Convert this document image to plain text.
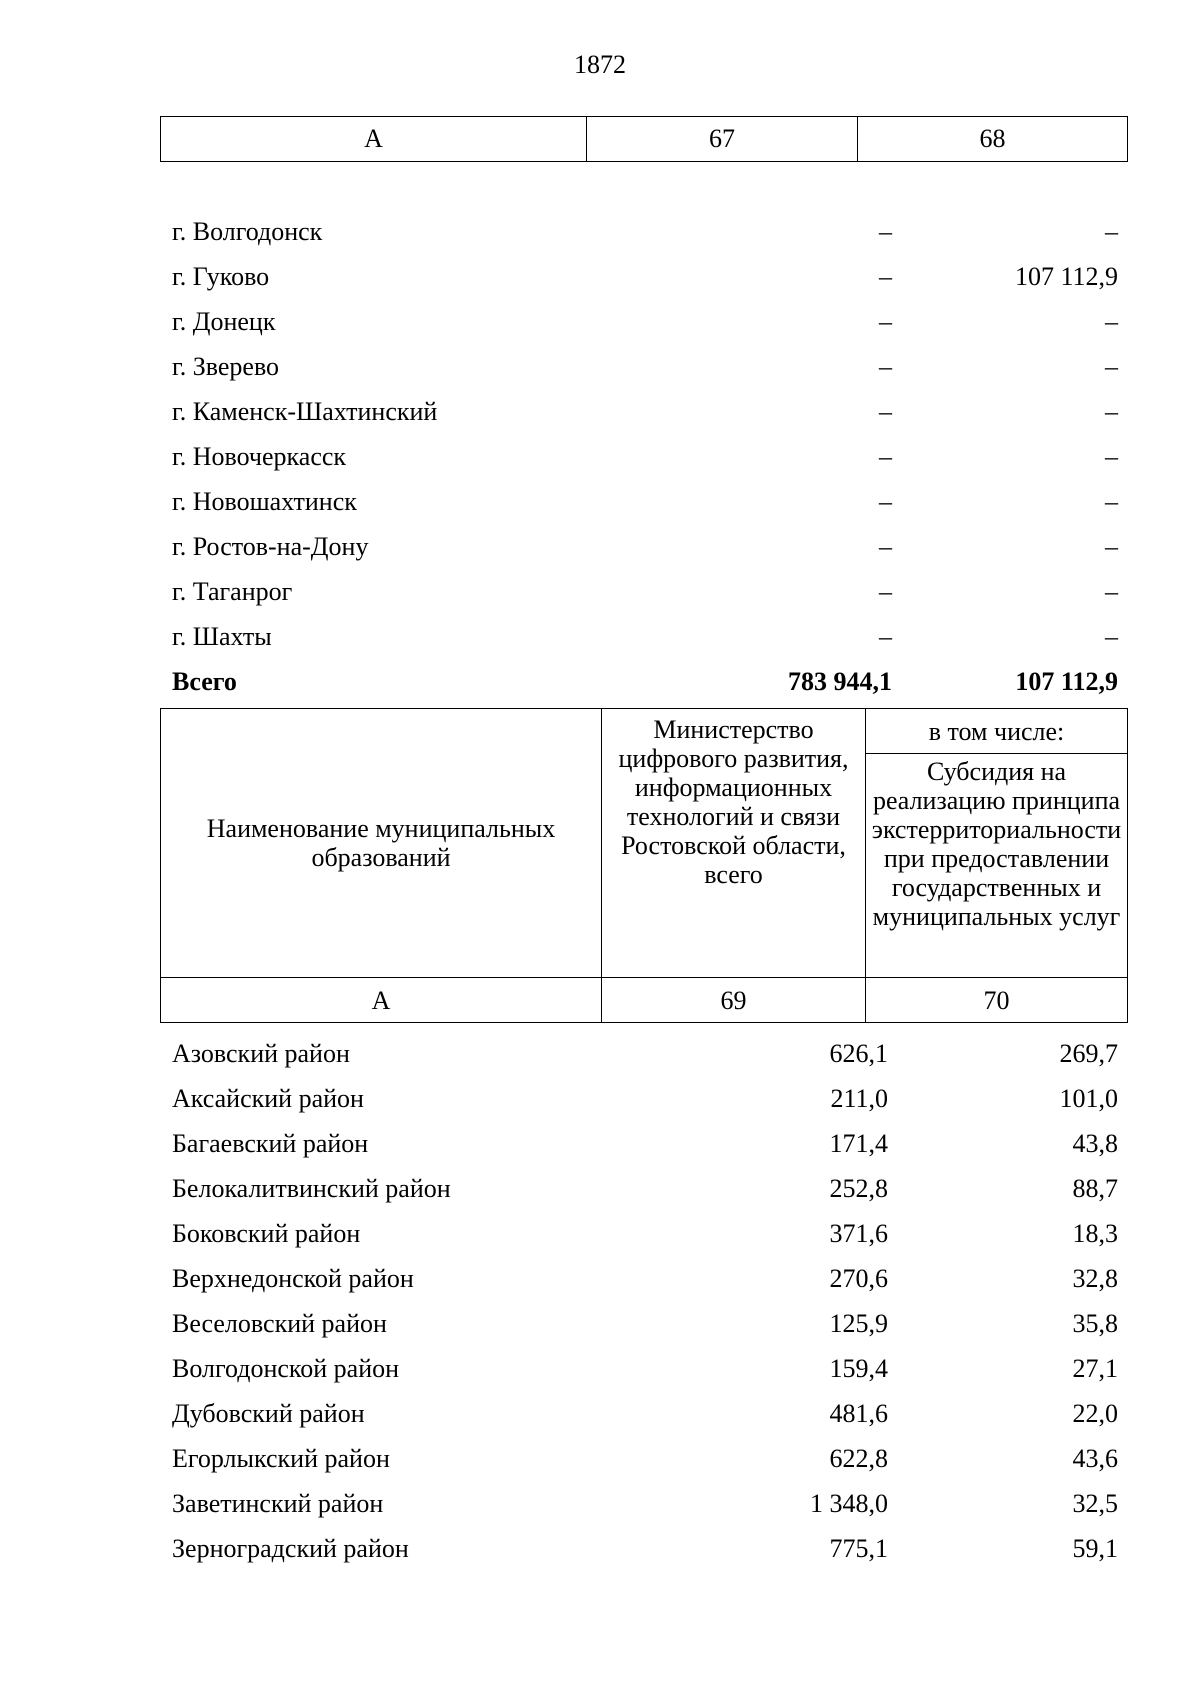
1872
А	67	68
г. Волгодонск	–	–
г. Гуково	–	107 112,9
г. Донецк	–	–
г. Зверево	–	–
г. Каменск-Шахтинский	–	–
г. Новочеркасск	–	–
г. Новошахтинск	–	–
г. Ростов-на-Дону	–	–
г. Таганрог	–	–
г. Шахты	–	–
Всего	783 944,1	107 112,9
Наименование муниципальных образований	Министерство цифрового развития, информационных технологий и связи Ростовской области, всего	в том числе:
		Субсидия на реализацию принципа экстерриториальности при предоставлении государственных и муниципальных услуг
А	69	70
Азовский район	626,1	269,7
Аксайский район	211,0	101,0
Багаевский район	171,4	43,8
Белокалитвинский район	252,8	88,7
Боковский район	371,6	18,3
Верхнедонской район	270,6	32,8
Веселовский район	125,9	35,8
Волгодонской район	159,4	27,1
Дубовский район	481,6	22,0
Егорлыкский район	622,8	43,6
Заветинский район	1 348,0	32,5
Зерноградский район	775,1	59,1
